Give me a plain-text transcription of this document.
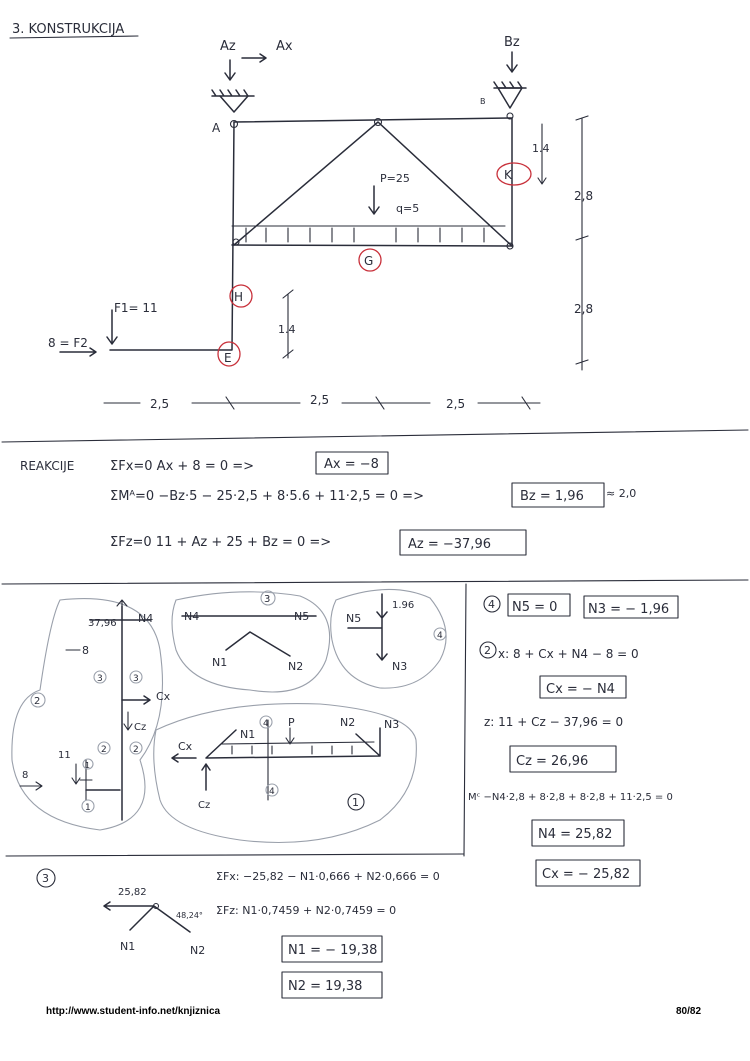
3. KONSTRUKCIJA
Az	Ax	Bz
A
B
P=25
q=5
G
K
H
E
F1= 11
8 = F2
1.4
2,8
2,8
1.4
2,5	2,5	2,5
REAKCIJE	ΣFx=0 Ax + 8 = 0 =>	Ax = −8
ΣMᴬ=0 −Bz·5 − 25·2,5 + 8·5.6 + 11·2,5 = 0 =>	Bz = 1,96 ≈ 2,0
ΣFz=0 11 + Az + 25 + Bz = 0 =>	Az = −37,96
37,96 N4
8
3	3
Cx
Cz
2
2	2
11
8
1
1
N4	N5
3
N1	N2
N5
1.96
N3
4
Cx
N1
4 P	N2	N3
Cz
4
1
4 N5 = 0 N3 = − 1,96
2 x: 8 + Cx + N4 − 8 = 0
Cx = − N4
z: 11 + Cz − 37,96 = 0
Cz = 26,96
Mᶜ −N4·2,8 + 8·2,8 + 8·2,8 + 11·2,5 = 0
N4 = 25,82
Cx = − 25,82
3
25,82
48,24°
N1	N2
ΣFx: −25,82 − N1·0,666 + N2·0,666 = 0
ΣFz: N1·0,7459 + N2·0,7459 = 0
N1 = − 19,38
N2 = 19,38
http://www.student-info.net/knjiznica	80/82
